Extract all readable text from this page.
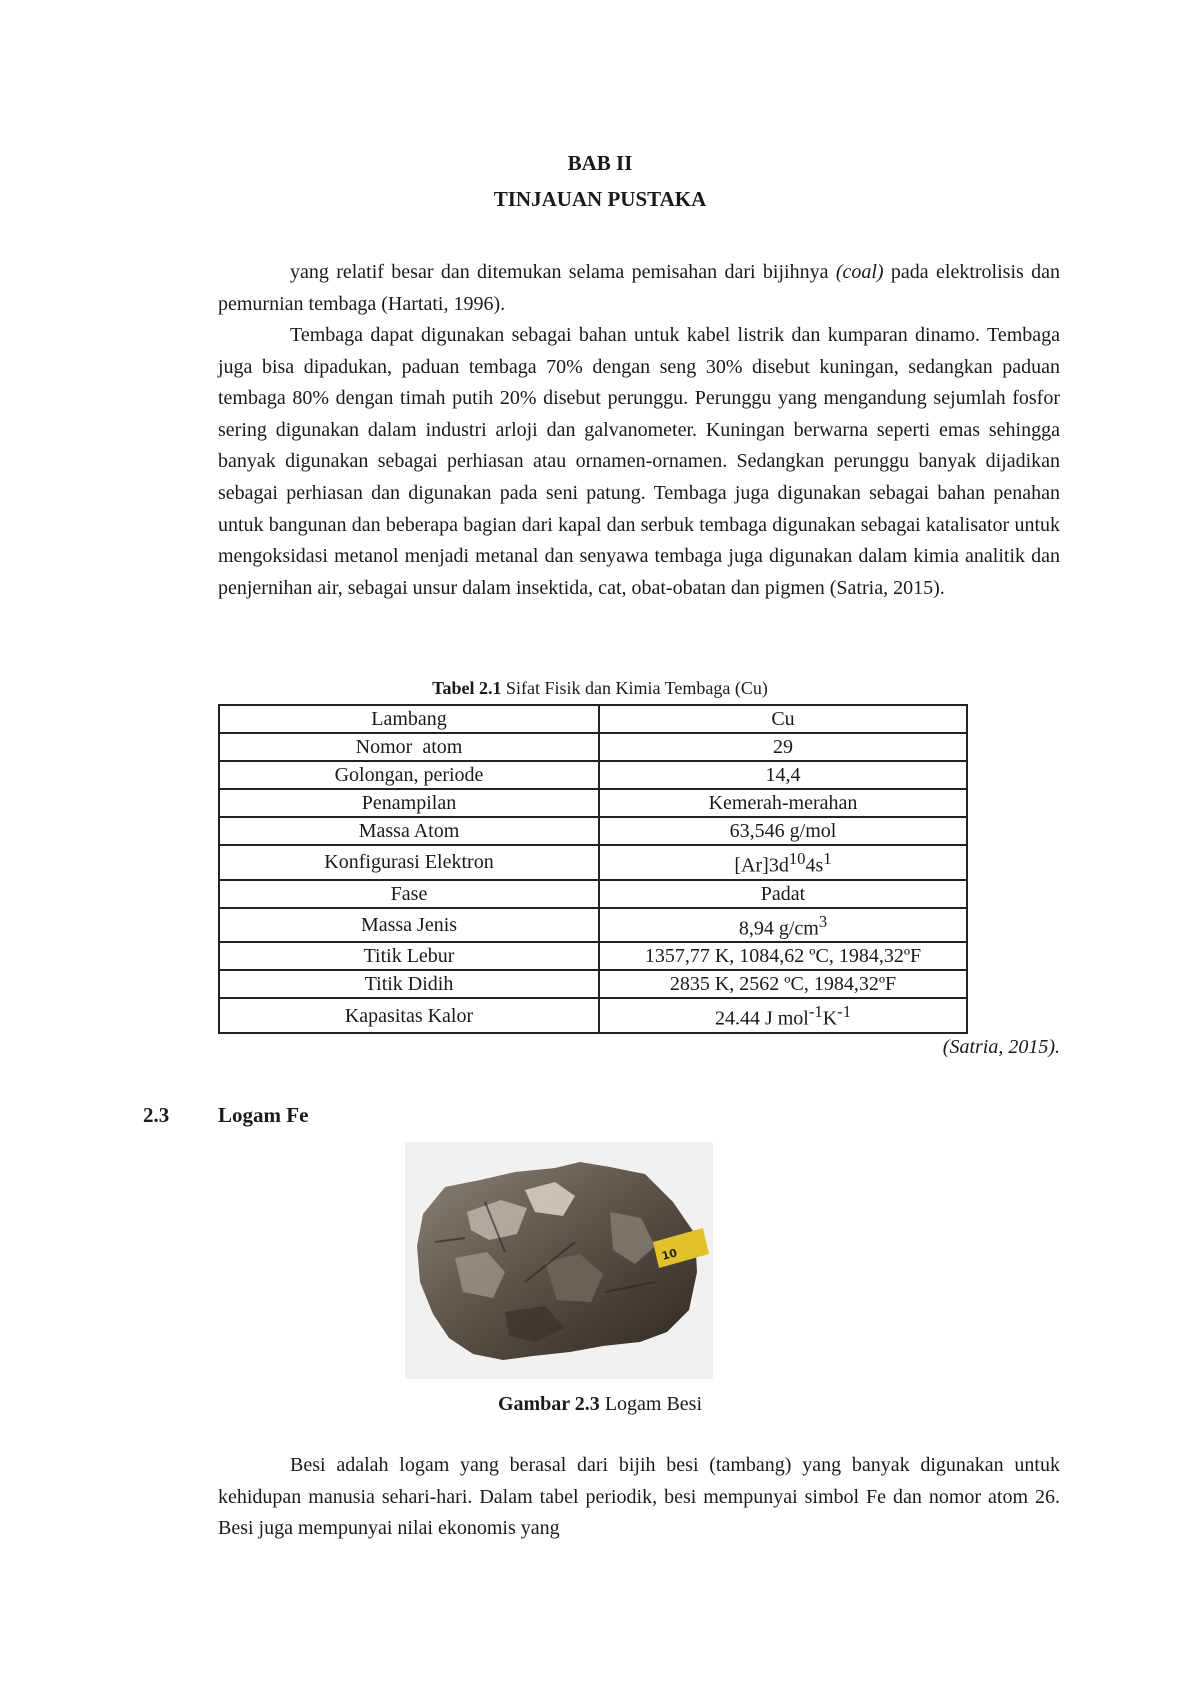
BAB II
TINJAUAN PUSTAKA

yang relatif besar dan ditemukan selama pemisahan dari bijihnya (coal) pada elektrolisis dan pemurnian tembaga (Hartati, 1996).

Tembaga dapat digunakan sebagai bahan untuk kabel listrik dan kumparan dinamo. Tembaga juga bisa dipadukan, paduan tembaga 70% dengan seng 30% disebut kuningan, sedangkan paduan tembaga 80% dengan timah putih 20% disebut perunggu. Perunggu yang mengandung sejumlah fosfor sering digunakan dalam industri arloji dan galvanometer. Kuningan berwarna seperti emas sehingga banyak digunakan sebagai perhiasan atau ornamen-ornamen. Sedangkan perunggu banyak dijadikan sebagai perhiasan dan digunakan pada seni patung. Tembaga juga digunakan sebagai bahan penahan untuk bangunan dan beberapa bagian dari kapal dan serbuk tembaga digunakan sebagai katalisator untuk mengoksidasi metanol menjadi metanal dan senyawa tembaga juga digunakan dalam kimia analitik dan penjernihan air, sebagai unsur dalam insektida, cat, obat-obatan dan pigmen (Satria, 2015).

Tabel 2.1 Sifat Fisik dan Kimia Tembaga (Cu)
Lambang	Cu
Nomor  atom	29
Golongan, periode	14,4
Penampilan	Kemerah-merahan
Massa Atom	63,546 g/mol
Konfigurasi Elektron	$[Ar]3d^{10}4s^1$
Fase	Padat
Massa Jenis	8,94 $g/cm^3$
Titik Lebur	1357,77 K, 1084,62 ºC, 1984,32ºF
Titik Didih	2835 K, 2562 ºC, 1984,32ºF
Kapasitas Kalor	24.44 J $mol^{-1}K^{-1}$
(Satria, 2015).
2.3 Logam Fe
10
Gambar 2.3 Logam Besi

Besi adalah logam yang berasal dari bijih besi (tambang) yang banyak digunakan untuk kehidupan manusia sehari-hari. Dalam tabel periodik, besi mempunyai simbol Fe dan nomor atom 26. Besi juga mempunyai nilai ekonomis yang
